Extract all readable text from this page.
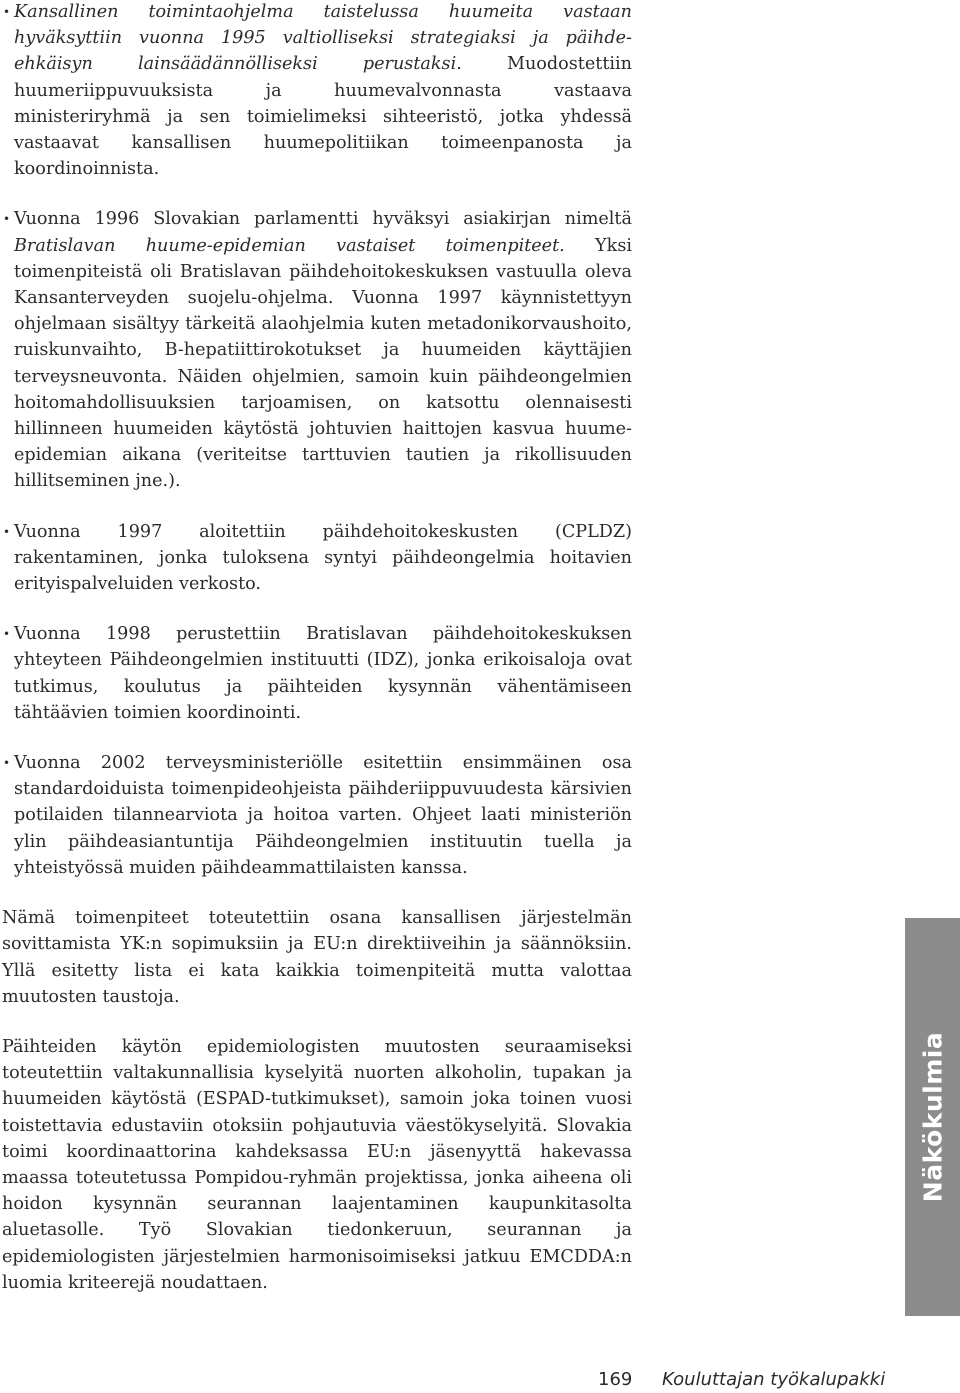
• Kansallinen toimintaohjelma taistelussa huumeita vastaan hyväksyttiin vuonna 1995 valtiolliseksi strategiaksi ja päihdeehkäisyn lainsäädännölliseksi perustaksi. Muodostettiin huumeriippuvuuksista ja huumevalvonnasta vastaava ministeriryhmä ja sen toimielimeksi sihteeristö, jotka yhdessä vastaavat kansallisen huumepolitiikan toimeenpanosta ja koordinoinnista.
• Vuonna 1996 Slovakian parlamentti hyväksyi asiakirjan nimeltä Bratislavan huume-epidemian vastaiset toimenpiteet. Yksi toimenpiteistä oli Bratislavan päihdehoitokeskuksen vastuulla oleva Kansanterveyden suojelu-ohjelma. Vuonna 1997 käynnistettyyn ohjelmaan sisältyy tärkeitä alaohjelmia kuten metadonikorvaushoito, ruiskunvaihto, B-hepatiittirokotukset ja huumeiden käyttäjien terveysneuvonta. Näiden ohjelmien, samoin kuin päihdeongelmien hoitomahdollisuuksien tarjoamisen, on katsottu olennaisesti hillinneen huumeiden käytöstä johtuvien haittojen kasvua huumeepidemian aikana (veriteitse tarttuvien tautien ja rikollisuuden hillitseminen jne.).
• Vuonna 1997 aloitettiin päihdehoitokeskusten (CPLDZ) rakentaminen, jonka tuloksena syntyi päihdeongelmia hoitavien erityispalveluiden verkosto.
• Vuonna 1998 perustettiin Bratislavan päihdehoitokeskuksen yhteyteen Päihdeongelmien instituutti (IDZ), jonka erikoisaloja ovat tutkimus, koulutus ja päihteiden kysynnän vähentämiseen tähtäävien toimien koordinointi.
• Vuonna 2002 terveysministeriölle esitettiin ensimmäinen osa standardoiduista toimenpideohjeista päihderiippuvuudesta kärsivien potilaiden tilannearviota ja hoitoa varten. Ohjeet laati ministeriön ylin päihdeasiantuntija Päihdeongelmien instituutin tuella ja yhteistyössä muiden päihdeammattilaisten kanssa.

Nämä toimenpiteet toteutettiin osana kansallisen järjestelmän sovittamista YK:n sopimuksiin ja EU:n direktiiveihin ja säännöksiin. Yllä esitetty lista ei kata kaikkia toimenpiteitä mutta valottaa muutosten taustoja.

Päihteiden käytön epidemiologisten muutosten seuraamiseksi toteutettiin valtakunnallisia kyselyitä nuorten alkoholin, tupakan ja huumeiden käytöstä (ESPAD-tutkimukset), samoin joka toinen vuosi toistettavia edustaviin otoksiin pohjautuvia väestökyselyitä. Slovakia toimi koordinaattorina kahdeksassa EU:n jäsenyyttä hakevassa maassa toteutetussa Pompidou-ryhmän projektissa, jonka aiheena oli hoidon kysynnän seurannan laajentaminen kaupunkitasolta aluetasolle. Työ Slovakian tiedonkeruun, seurannan ja epidemiologisten järjestelmien harmonisoimiseksi jatkuu EMCDDA:n luomia kriteerejä noudattaen.

Näkökulmia
169 Kouluttajan työkalupakki
